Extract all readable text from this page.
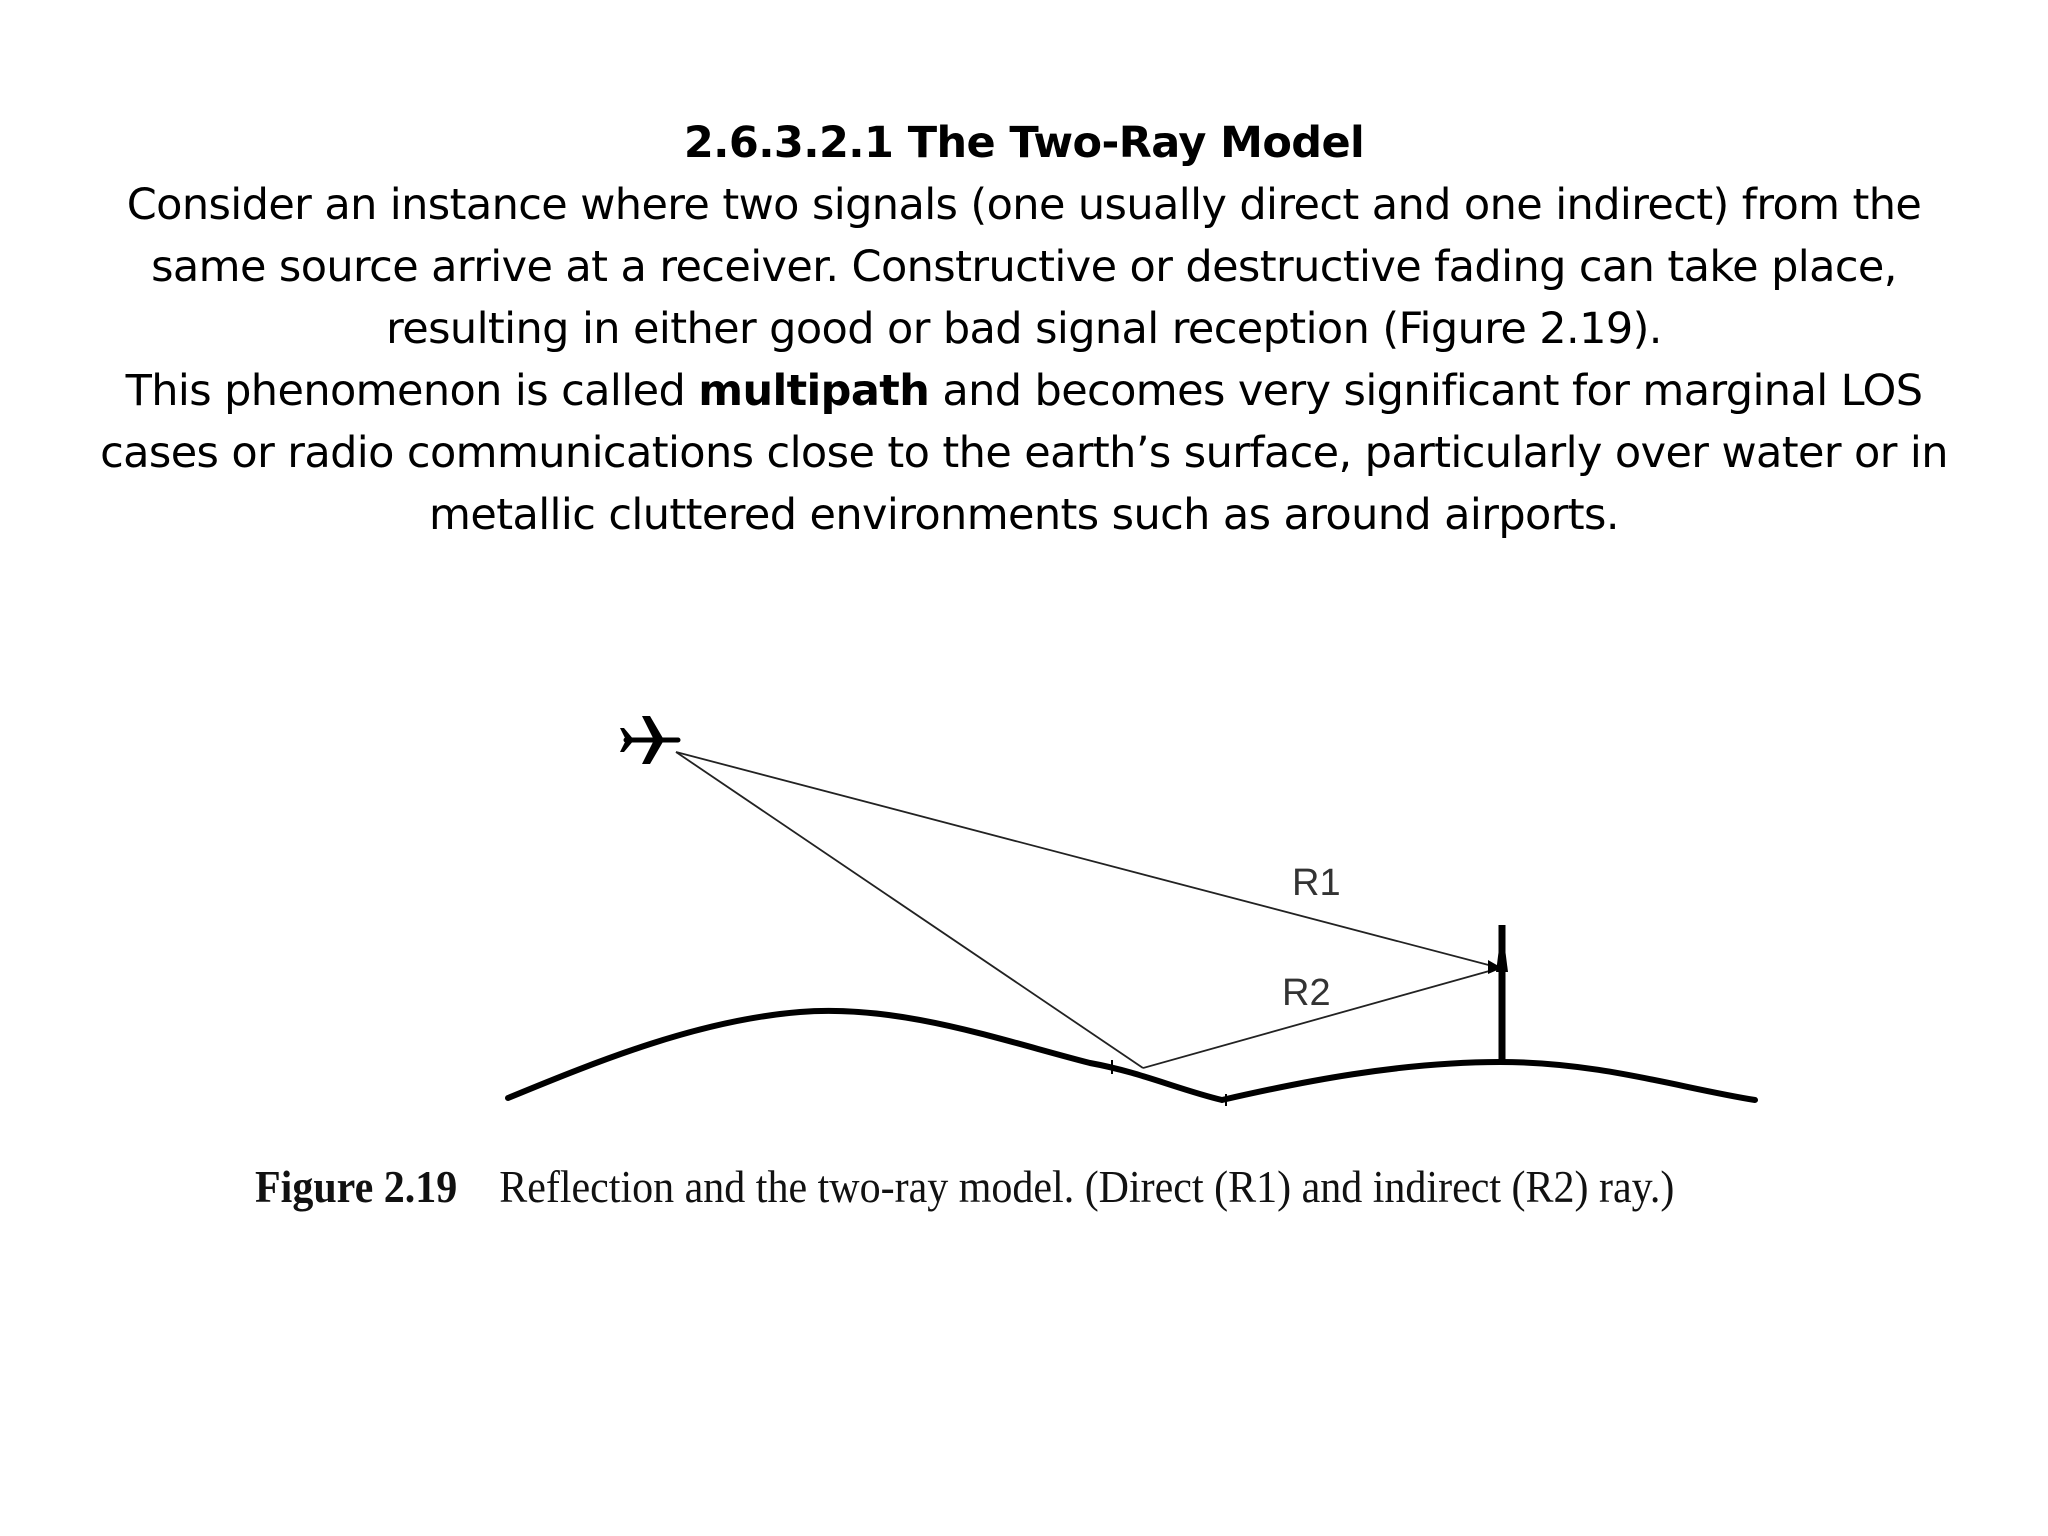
2.6.3.2.1 The Two-Ray Model

Consider an instance where two signals (one usually direct and one indirect) from the same source arrive at a receiver. Constructive or destructive fading can take place, resulting in either good or bad signal reception (Figure 2.19).

This phenomenon is called multipath and becomes very significant for marginal LOS cases or radio communications close to the earth’s surface, particularly over water or in metallic cluttered environments such as around airports.

R1
R2
Figure 2.19 Reflection and the two-ray model. (Direct (R1) and indirect (R2) ray.)
